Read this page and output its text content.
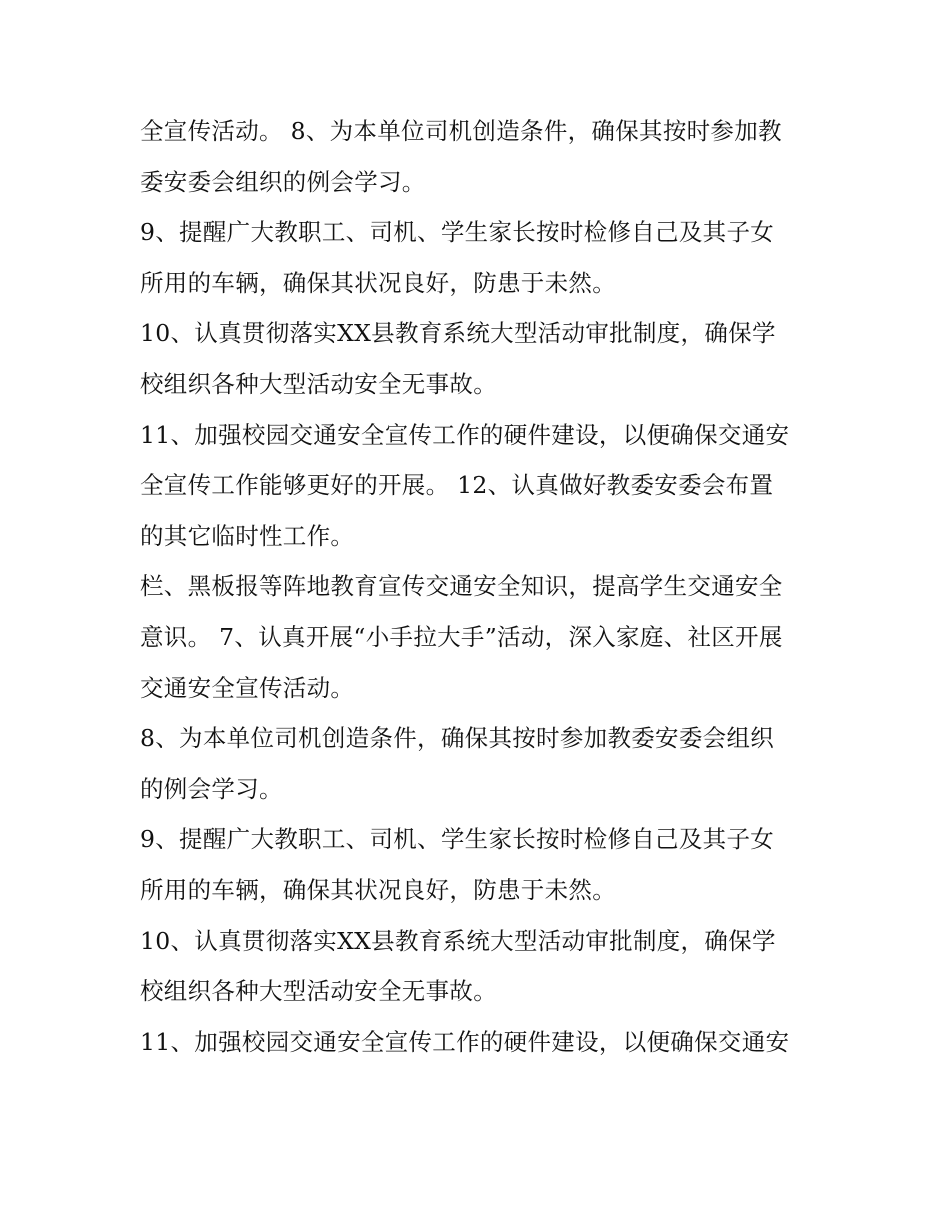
全宣传活动。 8、为本单位司机创造条件，确保其按时参加教
委安委会组织的例会学习。
9、提醒广大教职工、司机、学生家长按时检修自己及其子女
所用的车辆，确保其状况良好，防患于未然。
10、认真贯彻落实XX县教育系统大型活动审批制度，确保学
校组织各种大型活动安全无事故。
11、加强校园交通安全宣传工作的硬件建设，以便确保交通安
全宣传工作能够更好的开展。 12、认真做好教委安委会布置
的其它临时性工作。
栏、黑板报等阵地教育宣传交通安全知识，提高学生交通安全
意识。 7、认真开展“小手拉大手”活动，深入家庭、社区开展
交通安全宣传活动。
8、为本单位司机创造条件，确保其按时参加教委安委会组织
的例会学习。
9、提醒广大教职工、司机、学生家长按时检修自己及其子女
所用的车辆，确保其状况良好，防患于未然。
10、认真贯彻落实XX县教育系统大型活动审批制度，确保学
校组织各种大型活动安全无事故。
11、加强校园交通安全宣传工作的硬件建设，以便确保交通安
